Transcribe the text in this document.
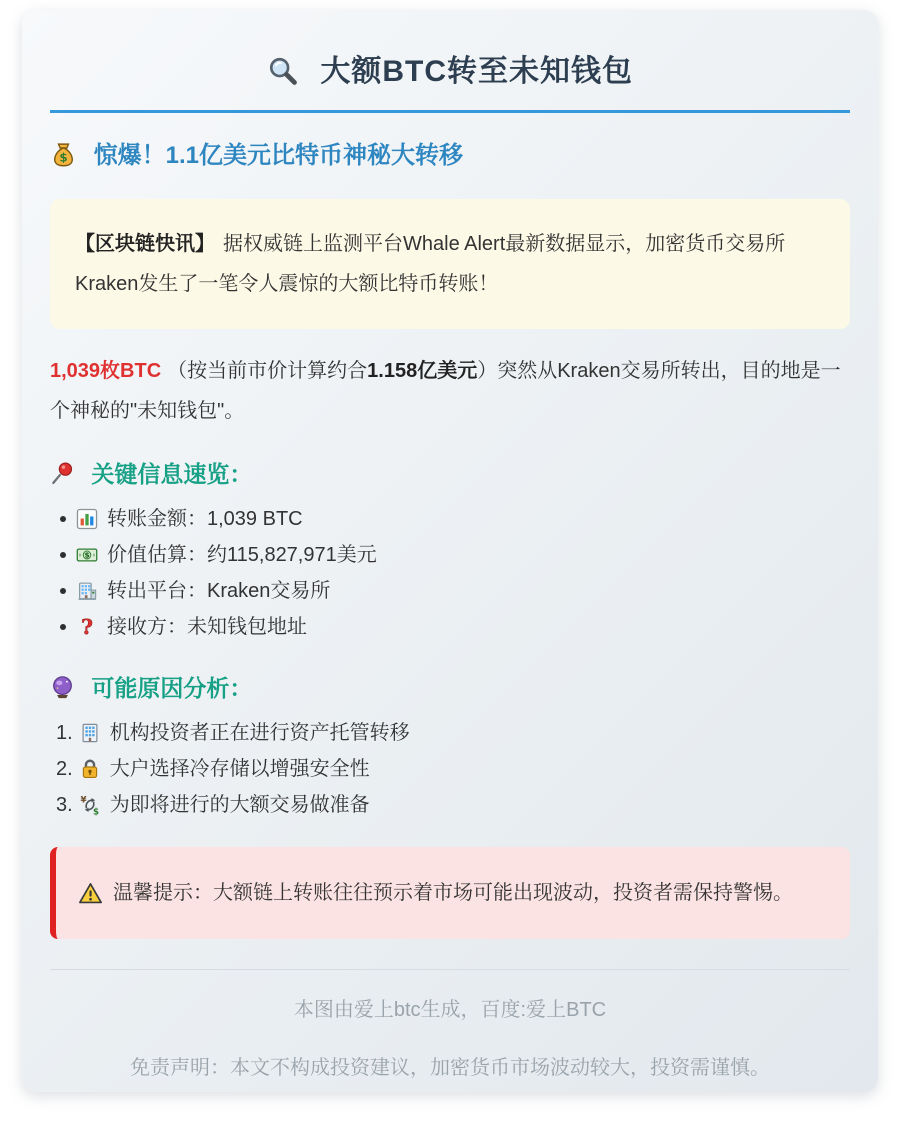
大额BTC转至未知钱包
$ 惊爆！1.1亿美元比特币神秘大转移
【区块链快讯】 据权威链上监测平台Whale Alert最新数据显示，加密货币交易所Kraken发生了一笔令人震惊的大额比特币转账！

1,039枚BTC （按当前市价计算约合1.158亿美元）突然从Kraken交易所转出，目的地是一个神秘的"未知钱包"。

关键信息速览：
转账金额：1,039 BTC
$ 价值估算：约115,827,971美元
转出平台：Kraken交易所
? 接收方：未知钱包地址
可能原因分析：
1. 机构投资者正在进行资产托管转移
2. 大户选择冷存储以增强安全性
3. ¥
$ 为即将进行的大额交易做准备
温馨提示：大额链上转账往往预示着市场可能出现波动，投资者需保持警惕。

本图由爱上btc生成，百度:爱上BTC

免责声明：本文不构成投资建议，加密货币市场波动较大，投资需谨慎。
